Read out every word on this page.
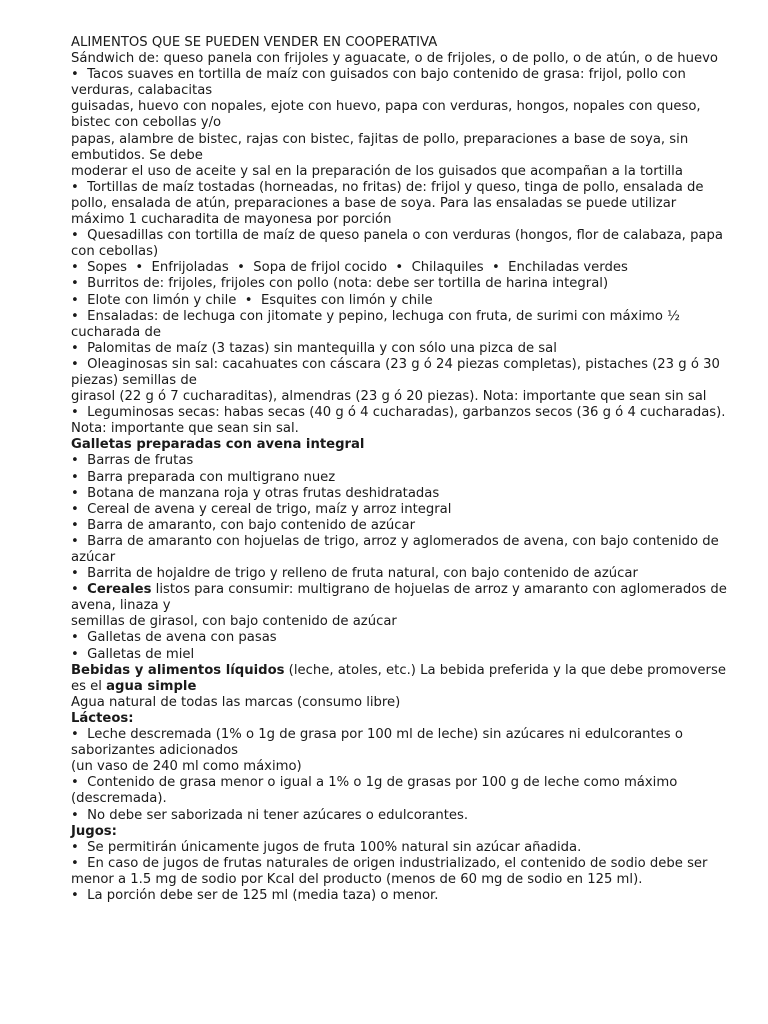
ALIMENTOS QUE SE PUEDEN VENDER EN COOPERATIVA
Sándwich de: queso panela con frijoles y aguacate, o de frijoles, o de pollo, o de atún, o de huevo
•  Tacos suaves en tortilla de maíz con guisados con bajo contenido de grasa: frijol, pollo con verduras, calabacitas
guisadas, huevo con nopales, ejote con huevo, papa con verduras, hongos, nopales con queso, bistec con cebollas y/o
papas, alambre de bistec, rajas con bistec, fajitas de pollo, preparaciones a base de soya, sin embutidos. Se debe
moderar el uso de aceite y sal en la preparación de los guisados que acompañan a la tortilla
•  Tortillas de maíz tostadas (horneadas, no fritas) de: frijol y queso, tinga de pollo, ensalada de pollo, ensalada de atún, preparaciones a base de soya. Para las ensaladas se puede utilizar máximo 1 cucharadita de mayonesa por porción
•  Quesadillas con tortilla de maíz de queso panela o con verduras (hongos, flor de calabaza, papa con cebollas)
•  Sopes  •  Enfrijoladas  •  Sopa de frijol cocido  •  Chilaquiles  •  Enchiladas verdes
•  Burritos de: frijoles, frijoles con pollo (nota: debe ser tortilla de harina integral)
•  Elote con limón y chile  •  Esquites con limón y chile
•  Ensaladas: de lechuga con jitomate y pepino, lechuga con fruta, de surimi con máximo ½ cucharada de
•  Palomitas de maíz (3 tazas) sin mantequilla y con sólo una pizca de sal
•  Oleaginosas sin sal: cacahuates con cáscara (23 g ó 24 piezas completas), pistaches (23 g ó 30 piezas) semillas de
girasol (22 g ó 7 cucharaditas), almendras (23 g ó 20 piezas). Nota: importante que sean sin sal
•  Leguminosas secas: habas secas (40 g ó 4 cucharadas), garbanzos secos (36 g ó 4 cucharadas). Nota: importante que sean sin sal.
Galletas preparadas con avena integral
•  Barras de frutas
•  Barra preparada con multigrano nuez
•  Botana de manzana roja y otras frutas deshidratadas
•  Cereal de avena y cereal de trigo, maíz y arroz integral
•  Barra de amaranto, con bajo contenido de azúcar
•  Barra de amaranto con hojuelas de trigo, arroz y aglomerados de avena, con bajo contenido de azúcar
•  Barrita de hojaldre de trigo y relleno de fruta natural, con bajo contenido de azúcar
•  Cereales listos para consumir: multigrano de hojuelas de arroz y amaranto con aglomerados de avena, linaza y
semillas de girasol, con bajo contenido de azúcar
•  Galletas de avena con pasas
•  Galletas de miel
Bebidas y alimentos líquidos (leche, atoles, etc.) La bebida preferida y la que debe promoverse es el agua simple
Agua natural de todas las marcas (consumo libre)
Lácteos:
•  Leche descremada (1% o 1g de grasa por 100 ml de leche) sin azúcares ni edulcorantes o saborizantes adicionados
(un vaso de 240 ml como máximo)
•  Contenido de grasa menor o igual a 1% o 1g de grasas por 100 g de leche como máximo (descremada).
•  No debe ser saborizada ni tener azúcares o edulcorantes.
Jugos:
•  Se permitirán únicamente jugos de fruta 100% natural sin azúcar añadida.
•  En caso de jugos de frutas naturales de origen industrializado, el contenido de sodio debe ser menor a 1.5 mg de sodio por Kcal del producto (menos de 60 mg de sodio en 125 ml).
•  La porción debe ser de 125 ml (media taza) o menor.
